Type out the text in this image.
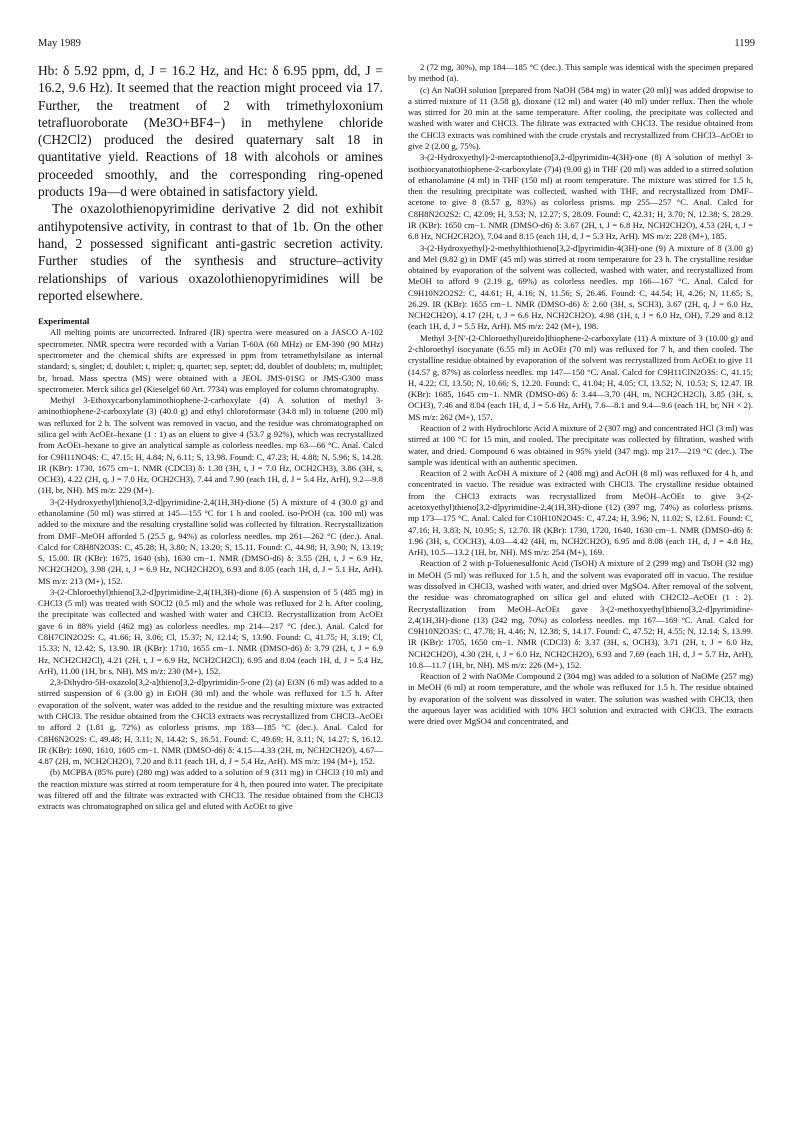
May 1989	1199

Hb: δ 5.92 ppm, d, J = 16.2 Hz, and Hc: δ 6.95 ppm, dd, J = 16.2, 9.6 Hz). It seemed that the reaction might proceed via 17. Further, the treatment of 2 with trimethyloxonium tetrafluoroborate (Me3O+BF4−) in methylene chloride (CH2Cl2) produced the desired quaternary salt 18 in quantitative yield. Reactions of 18 with alcohols or amines proceeded smoothly, and the corresponding ring-opened products 19a—d were obtained in satisfactory yield.

The oxazolothienopyrimidine derivative 2 did not exhibit antihypotensive activity, in contrast to that of 1b. On the other hand, 2 possessed significant anti-gastric secretion activity. Further studies of the synthesis and structure–activity relationships of various oxazolothienopyrimidines will be reported elsewhere.

Experimental

All melting points are uncorrected. Infrared (IR) spectra were measured on a JASCO A-102 spectrometer. NMR spectra were recorded with a Varian T-60A (60 MHz) or EM-390 (90 MHz) spectrometer and the chemical shifts are expressed in ppm from tetramethylsilane as internal standard; s, singlet; d, doublet; t, triplet; q, quartet; sep, septet; dd, doublet of doublets; m, multiplet; br, broad. Mass spectra (MS) were obtained with a JEOL JMS-01SG or JMS-G300 mass spectrometer. Merck silica gel (Kieselgel 60 Art. 7734) was employed for column chromatography.

Methyl 3-Ethoxycarbonylaminothiophene-2-carboxylate (4) A solution of methyl 3-aminothiophene-2-carboxylate (3) (40.0 g) and ethyl chloroformate (34.8 ml) in toluene (200 ml) was refluxed for 2 h. The solvent was removed in vacuo, and the residue was chromatographed on silica gel with AcOEt–hexane (1 : 1) as an eluent to give 4 (53.7 g 92%), which was recrystallized from AcOEt–hexane to give an analytical sample as colorless needles. mp 63—66 °C. Anal. Calcd for C9H11NO4S: C, 47.15; H, 4.84; N, 6.11; S, 13.98. Found: C, 47.23; H, 4.88; N, 5.96; S, 14.28. IR (KBr): 1730, 1675 cm−1. NMR (CDCl3) δ: 1.30 (3H, t, J = 7.0 Hz, OCH2CH3), 3.86 (3H, s, OCH3), 4.22 (2H, q, J = 7.0 Hz, OCH2CH3), 7.44 and 7.90 (each 1H, d, J = 5.4 Hz, ArH), 9.2—9.8 (1H, br, NH). MS m/z: 229 (M+).

3-(2-Hydroxyethyl)thieno[3,2-d]pyrimidine-2,4(1H,3H)-dione (5) A mixture of 4 (30.0 g) and ethanolamine (50 ml) was stirred at 145—155 °C for 1 h and cooled. iso-PrOH (ca. 100 ml) was added to the mixture and the resulting crystalline solid was collected by filtration. Recrystallization from DMF–MeOH afforded 5 (25.5 g, 94%) as colorless needles. mp 261—262 °C (dec.). Anal. Calcd for C8H8N2O3S: C, 45.28; H, 3.80; N, 13.20; S, 15.11. Found: C, 44.98; H, 3.90; N, 13.19; S, 15.00. IR (KBr): 1675, 1640 (sh), 1630 cm−1. NMR (DMSO-d6) δ: 3.55 (2H, t, J = 6.9 Hz, NCH2CH2O), 3.98 (2H, t, J = 6.9 Hz, NCH2CH2O), 6.93 and 8.05 (each 1H, d, J = 5.1 Hz, ArH). MS m/z: 213 (M+), 152.

3-(2-Chloroethyl)thieno[3,2-d]pyrimidine-2,4(1H,3H)-dione (6) A suspension of 5 (485 mg) in CHCl3 (5 ml) was treated with SOCl2 (0.5 ml) and the whole was refluxed for 2 h. After cooling, the precipitate was collected and washed with water and CHCl3. Recrystallization from AcOEt gave 6 in 88% yield (462 mg) as colorless needles. mp 214—217 °C (dec.). Anal. Calcd for C8H7ClN2O2S: C, 41.66; H, 3.06; Cl, 15.37; N, 12.14; S, 13.90. Found: C, 41.75; H, 3.19; Cl, 15.33; N, 12.42; S, 13.90. IR (KBr): 1710, 1655 cm−1. NMR (DMSO-d6) δ: 3.79 (2H, t, J = 6.9 Hz, NCH2CH2Cl), 4.21 (2H, t, J = 6.9 Hz, NCH2CH2Cl), 6.95 and 8.04 (each 1H, d, J = 5.4 Hz, ArH), 11.00 (1H, br s, NH). MS m/z: 230 (M+), 152.

2,3-Dihydro-5H-oxazolo[3,2-a]thieno[3,2-d]pyrimidin-5-one (2) (a) Et3N (6 ml) was added to a stirred suspension of 6 (3.00 g) in EtOH (30 ml) and the whole was refluxed for 1.5 h. After evaporation of the solvent, water was added to the residue and the resulting mixture was extracted with CHCl3. The residue obtained from the CHCl3 extracts was recrystallized from CHCl3–AcOEt to afford 2 (1.81 g, 72%) as colorless prisms. mp 183—185 °C (dec.). Anal. Calcd for C8H6N2O2S: C, 49.48; H, 3.11; N, 14.42; S, 16.51. Found: C, 49.69; H, 3.11; N, 14.27; S, 16.12. IR (KBr): 1690, 1610, 1605 cm−1. NMR (DMSO-d6) δ: 4.15—4.33 (2H, m, NCH2CH2O), 4.67—4.87 (2H, m, NCH2CH2O), 7.20 and 8.11 (each 1H, d, J = 5.4 Hz, ArH). MS m/z: 194 (M+), 152.

(b) MCPBA (85% pure) (280 mg) was added to a solution of 9 (311 mg) in CHCl3 (10 ml) and the reaction mixture was stirred at room temperature for 4 h, then poured into water. The precipitate was filtered off and the filtrate was extracted with CHCl3. The residue obtained from the CHCl3 extracts was chromatographed on silica gel and eluted with AcOEt to give

2 (72 mg, 30%), mp 184—185 °C (dec.). This sample was identical with the specimen prepared by method (a).

(c) An NaOH solution [prepared from NaOH (584 mg) in water (20 ml)] was added dropwise to a stirred mixture of 11 (3.58 g), dioxane (12 ml) and water (40 ml) under reflux. Then the whole was stirred for 20 min at the same temperature. After cooling, the precipitate was collected and washed with water and CHCl3. The filtrate was extracted with CHCl3. The residue obtained from the CHCl3 extracts was combined with the crude crystals and recrystallized from CHCl3–AcOEt to give 2 (2.00 g, 75%).

3-(2-Hydroxyethyl)-2-mercaptothieno[3,2-d]pyrimidin-4(3H)-one (8) A solution of methyl 3-isothiocyanatothiophene-2-carboxylate (7)4) (9.00 g) in THF (20 ml) was added to a stirred solution of ethanolamine (4 ml) in THF (150 ml) at room temperature. The mixture was stirred for 1.5 h, then the resulting precipitate was collected, washed with THF, and recrystallized from DMF–acetone to give 8 (8.57 g, 83%) as colorless prisms. mp 255—257 °C. Anal. Calcd for C8H8N2O2S2: C, 42.09; H, 3.53; N, 12.27; S, 28.09. Found: C, 42.31; H, 3.70; N, 12.38; S, 28.29. IR (KBr): 1650 cm−1. NMR (DMSO-d6) δ: 3.67 (2H, t, J = 6.8 Hz, NCH2CH2O), 4.53 (2H, t, J = 6.8 Hz, NCH2CH2O), 7.04 and 8.15 (each 1H, d, J = 5.3 Hz, ArH). MS m/z: 228 (M+), 185.

3-(2-Hydroxyethyl)-2-methylthiothieno[3,2-d]pyrimidin-4(3H)-one (9) A mixture of 8 (3.00 g) and MeI (9.82 g) in DMF (45 ml) was stirred at room temperature for 23 h. The crystalline residue obtained by evaporation of the solvent was collected, washed with water, and recrystallized from MeOH to afford 9 (2.19 g, 69%) as colorless needles. mp 166—167 °C. Anal. Calcd for C9H10N2O2S2: C, 44.61; H, 4.16; N, 11.56; S, 26.46. Found: C, 44.54; H, 4.26; N, 11.65; S, 26.29. IR (KBr): 1655 cm−1. NMR (DMSO-d6) δ: 2.60 (3H, s, SCH3), 3.67 (2H, q, J = 6.0 Hz, NCH2CH2O), 4.17 (2H, t, J = 6.6 Hz, NCH2CH2O), 4.98 (1H, t, J = 6.0 Hz, OH), 7.29 and 8.12 (each 1H, d, J = 5.5 Hz, ArH). MS m/z: 242 (M+), 198.

Methyl 3-[N′-(2-Chloroethyl)ureido]thiophene-2-carboxylate (11) A mixture of 3 (10.00 g) and 2-chloroethyl isocyanate (6.55 ml) in AcOEt (70 ml) was refluxed for 7 h, and then cooled. The crystalline residue obtained by evaporation of the solvent was recrystallized from AcOEt to give 11 (14.57 g, 87%) as colorless needles. mp 147—150 °C. Anal. Calcd for C9H11ClN2O3S: C, 41.15; H, 4.22; Cl, 13.50; N, 10.66; S, 12.20. Found: C, 41.04; H, 4.05; Cl, 13.52; N, 10.53; S, 12.47. IR (KBr): 1685, 1645 cm−1. NMR (DMSO-d6) δ: 3.44—3.70 (4H, m, NCH2CH2Cl), 3.85 (3H, s, OCH3), 7.46 and 8.04 (each 1H, d, J = 5.6 Hz, ArH), 7.6—8.1 and 9.4—9.6 (each 1H, br, NH × 2). MS m/z: 262 (M+), 157.

Reaction of 2 with Hydrochloric Acid A mixture of 2 (307 mg) and concentrated HCl (3 ml) was stirred at 100 °C for 15 min, and cooled. The precipitate was collected by filtration, washed with water, and dried. Compound 6 was obtained in 95% yield (347 mg). mp 217—219 °C (dec.). The sample was identical with an authentic specimen.

Reaction of 2 with AcOH A mixture of 2 (408 mg) and AcOH (8 ml) was refluxed for 4 h, and concentrated in vacuo. The residue was extracted with CHCl3. The crystalline residue obtained from the CHCl3 extracts was recrystallized from MeOH–AcOEt to give 3-(2-acetoxyethyl)thieno[3,2-d]pyrimidine-2,4(1H,3H)-dione (12) (397 mg, 74%) as colorless prisms. mp 173—175 °C. Anal. Calcd for C10H10N2O4S: C, 47.24; H, 3.96; N, 11.02; S, 12.61. Found: C, 47.16; H, 3.83; N, 10.95; S, 12.70. IR (KBr): 1730, 1720, 1640, 1630 cm−1. NMR (DMSO-d6) δ: 1.96 (3H, s, COCH3), 4.03—4.42 (4H, m, NCH2CH2O), 6.95 and 8.08 (each 1H, d, J = 4.8 Hz, ArH), 10.5—13.2 (1H, br, NH). MS m/z: 254 (M+), 169.

Reaction of 2 with p-Toluenesulfonic Acid (TsOH) A mixture of 2 (299 mg) and TsOH (32 mg) in MeOH (5 ml) was refluxed for 1.5 h, and the solvent was evaporated off in vacuo. The residue was dissolved in CHCl3, washed with water, and dried over MgSO4. After removal of the solvent, the residue was chromatographed on silica gel and eluted with CH2Cl2–AcOEt (1 : 2). Recrystallization from MeOH–AcOEt gave 3-(2-methoxyethyl)thieno[3,2-d]pyrimidine-2,4(1H,3H)-dione (13) (242 mg, 70%) as colorless needles. mp 167—169 °C. Anal. Calcd for C9H10N2O3S: C, 47.78; H, 4.46; N, 12.38; S, 14.17. Found: C, 47.52; H, 4.55; N, 12.14; S, 13.99. IR (KBr): 1705, 1650 cm−1. NMR (CDCl3) δ: 3.37 (3H, s, OCH3), 3.71 (2H, t, J = 6.0 Hz, NCH2CH2O), 4.30 (2H, t, J = 6.0 Hz, NCH2CH2O), 6.93 and 7.69 (each 1H, d, J = 5.7 Hz, ArH), 10.8—11.7 (1H, br, NH). MS m/z: 226 (M+), 152.

Reaction of 2 with NaOMe Compound 2 (304 mg) was added to a solution of NaOMe (257 mg) in MeOH (6 ml) at room temperature, and the whole was refluxed for 1.5 h. The residue obtained by evaporation of the solvent was dissolved in water. The solution was washed with CHCl3, then the aqueous layer was acidified with 10% HCl solution and extracted with CHCl3. The extracts were dried over MgSO4 and concentrated, and
